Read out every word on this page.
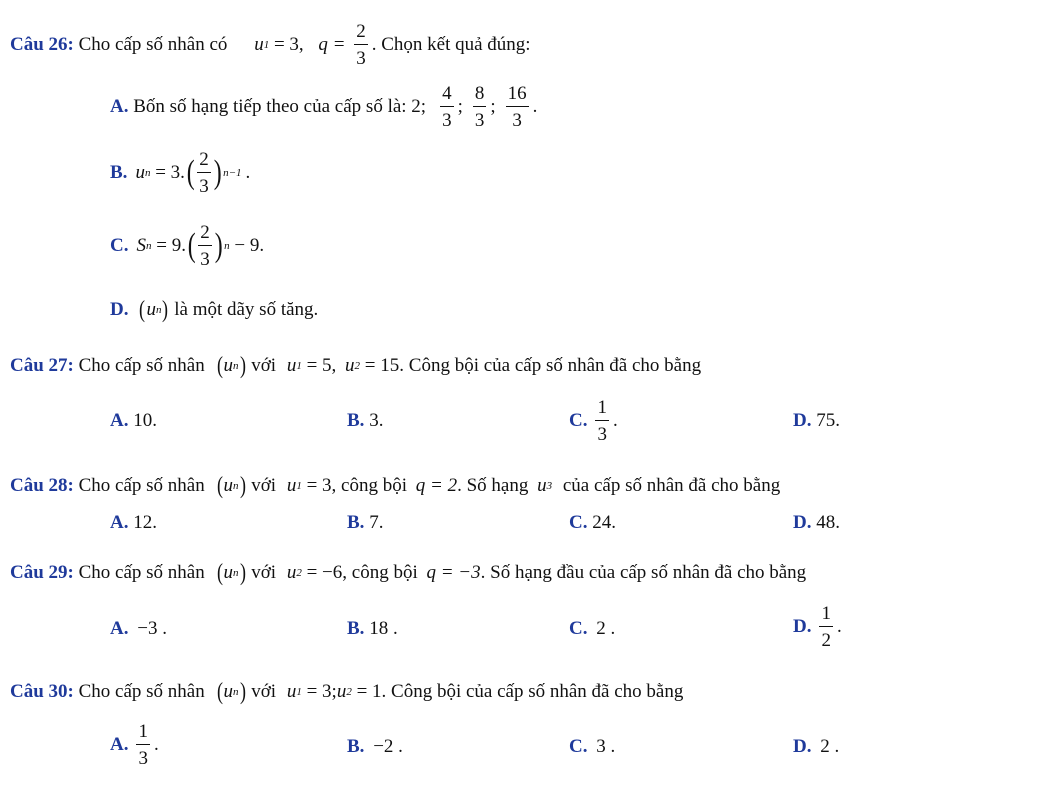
Câu 26: Cho cấp số nhân có u 1 = 3, $q = \frac{2}{3}$ . Chọn kết quả đúng:
A. Bốn số hạng tiếp theo của cấp số là: 2; $\frac{4}{3}$ ; $\frac{8}{3}$ ; $\frac{16}{3}$ .
B. u n = 3. ( $\frac{2}{3}$ ) n−1 .
C. S n = 9. ( $\frac{2}{3}$ ) n − 9.
D. ( u n ) là một dãy số tăng.
Câu 27: Cho cấp số nhân ( u n ) với u 1 = 5, u 2 = 15 . Công bội của cấp số nhân đã cho bằng
A. 10.	B. 3.	C. $\frac{1}{3}$ .	D. 75.
Câu 28: Cho cấp số nhân ( u n ) với u 1 = 3 , công bội q = 2 . Số hạng u 3 của cấp số nhân đã cho bằng
A. 12.	B. 7.	C. 24.	D. 48.
Câu 29: Cho cấp số nhân ( u n ) với u 2 = −6 , công bội q = −3 . Số hạng đầu của cấp số nhân đã cho bằng
A. −3 .	B. 18 .	C. 2 .	D. $\frac{1}{2}$ .
Câu 30: Cho cấp số nhân ( u n ) với u 1 = 3; u 2 = 1 . Công bội của cấp số nhân đã cho bằng
A. $\frac{1}{3}$ .	B. −2 .	C. 3 .	D. 2 .
